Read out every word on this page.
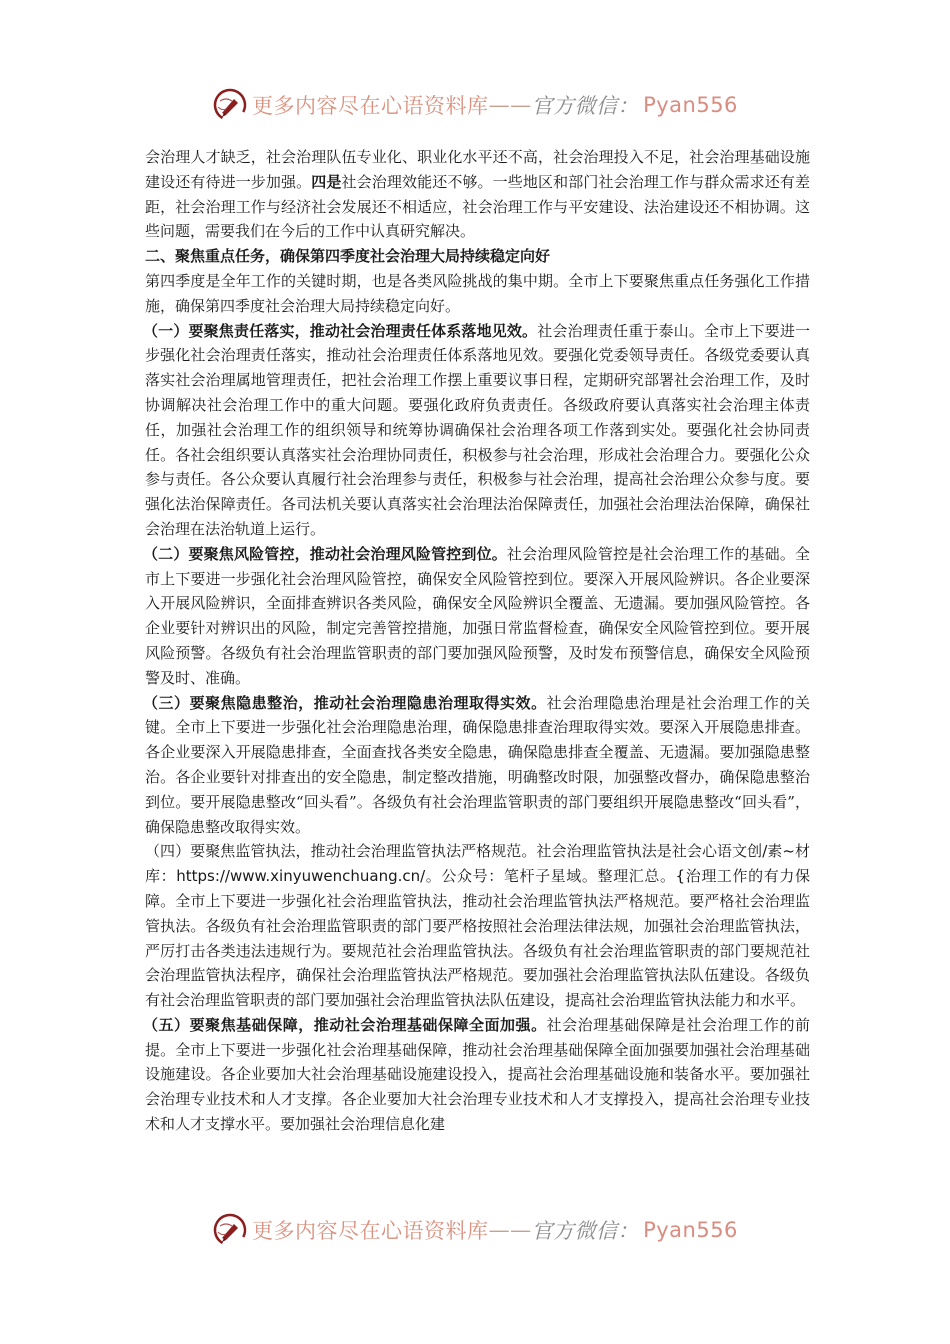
更多内容尽在心语资料库 —— 官方微信： Pyan556
会治理人才缺乏，社会治理队伍专业化、职业化水平还不高，社会治理投入不足，社会治理基础设施建设还有待进一步加强。四是社会治理效能还不够。一些地区和部门社会治理工作与群众需求还有差距，社会治理工作与经济社会发展还不相适应，社会治理工作与平安建设、法治建设还不相协调。这些问题，需要我们在今后的工作中认真研究解决。
二、聚焦重点任务，确保第四季度社会治理大局持续稳定向好
第四季度是全年工作的关键时期，也是各类风险挑战的集中期。全市上下要聚焦重点任务强化工作措施，确保第四季度社会治理大局持续稳定向好。
（一）要聚焦责任落实，推动社会治理责任体系落地见效。社会治理责任重于泰山。全市上下要进一步强化社会治理责任落实，推动社会治理责任体系落地见效。要强化党委领导责任。各级党委要认真落实社会治理属地管理责任，把社会治理工作摆上重要议事日程，定期研究部署社会治理工作，及时协调解决社会治理工作中的重大问题。要强化政府负责责任。各级政府要认真落实社会治理主体责任，加强社会治理工作的组织领导和统筹协调确保社会治理各项工作落到实处。要强化社会协同责任。各社会组织要认真落实社会治理协同责任，积极参与社会治理，形成社会治理合力。要强化公众参与责任。各公众要认真履行社会治理参与责任，积极参与社会治理，提高社会治理公众参与度。要强化法治保障责任。各司法机关要认真落实社会治理法治保障责任，加强社会治理法治保障，确保社会治理在法治轨道上运行。
（二）要聚焦风险管控，推动社会治理风险管控到位。社会治理风险管控是社会治理工作的基础。全市上下要进一步强化社会治理风险管控，确保安全风险管控到位。要深入开展风险辨识。各企业要深入开展风险辨识，全面排查辨识各类风险，确保安全风险辨识全覆盖、无遗漏。要加强风险管控。各企业要针对辨识出的风险，制定完善管控措施，加强日常监督检查，确保安全风险管控到位。要开展风险预警。各级负有社会治理监管职责的部门要加强风险预警，及时发布预警信息，确保安全风险预警及时、准确。
（三）要聚焦隐患整治，推动社会治理隐患治理取得实效。社会治理隐患治理是社会治理工作的关键。全市上下要进一步强化社会治理隐患治理，确保隐患排查治理取得实效。要深入开展隐患排查。各企业要深入开展隐患排查，全面查找各类安全隐患，确保隐患排查全覆盖、无遗漏。要加强隐患整治。各企业要针对排查出的安全隐患，制定整改措施，明确整改时限，加强整改督办，确保隐患整治到位。要开展隐患整改“回头看”。各级负有社会治理监管职责的部门要组织开展隐患整改“回头看”，确保隐患整改取得实效。
（四）要聚焦监管执法，推动社会治理监管执法严格规范。社会治理监管执法是社会心语文创/素~材库：https://www.xinyuwenchuang.cn/。公众号：笔杆子星域。整理汇总。{治理工作的有力保障。全市上下要进一步强化社会治理监管执法，推动社会治理监管执法严格规范。要严格社会治理监管执法。各级负有社会治理监管职责的部门要严格按照社会治理法律法规，加强社会治理监管执法，严厉打击各类违法违规行为。要规范社会治理监管执法。各级负有社会治理监管职责的部门要规范社会治理监管执法程序，确保社会治理监管执法严格规范。要加强社会治理监管执法队伍建设。各级负有社会治理监管职责的部门要加强社会治理监管执法队伍建设，提高社会治理监管执法能力和水平。
（五）要聚焦基础保障，推动社会治理基础保障全面加强。社会治理基础保障是社会治理工作的前提。全市上下要进一步强化社会治理基础保障，推动社会治理基础保障全面加强要加强社会治理基础设施建设。各企业要加大社会治理基础设施建设投入，提高社会治理基础设施和装备水平。要加强社会治理专业技术和人才支撑。各企业要加大社会治理专业技术和人才支撑投入，提高社会治理专业技术和人才支撑水平。要加强社会治理信息化建
更多内容尽在心语资料库 —— 官方微信： Pyan556
